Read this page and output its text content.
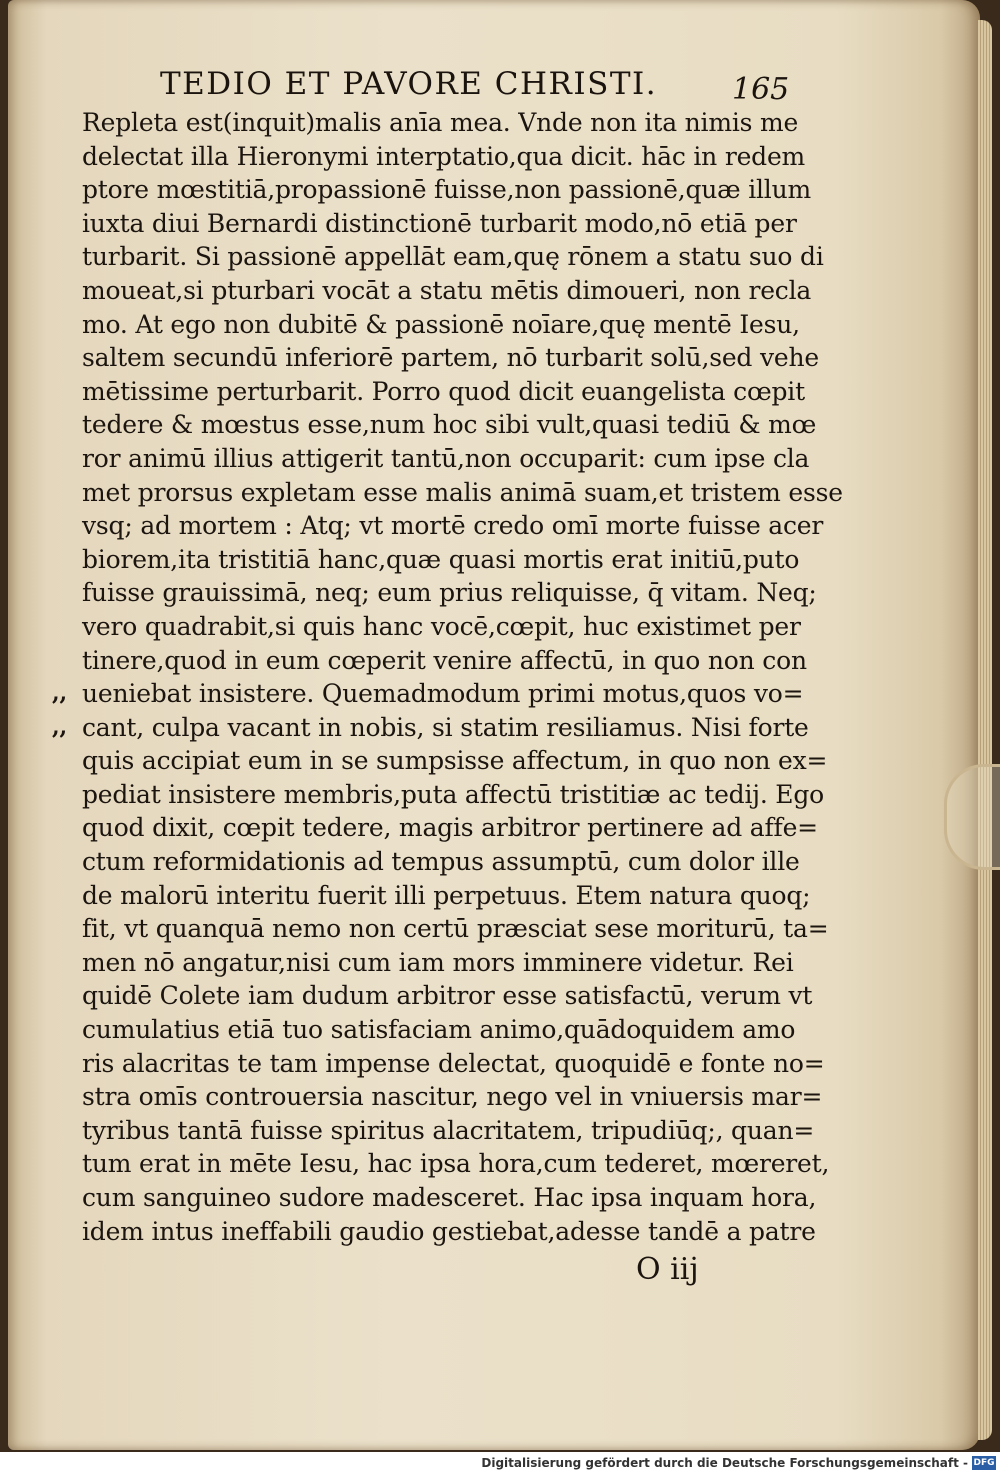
TEDIO ET PAVORE CHRISTI. 165
Repleta est(inquit)malis anīa mea. Vnde non ita nimis me
delectat illa Hieronymi interptatio,qua dicit. hāc in redem
ptore mœstitiā,propassionē fuisse,non passionē,quæ illum
iuxta diui Bernardi distinctionē turbarit modo,nō etiā per
turbarit. Si passionē appellāt eam,quę rōnem a statu suo di
moueat,si pturbari vocāt a statu mētis dimoueri, non recla
mo. At ego non dubitē & passionē noīare,quę mentē Iesu,
saltem secundū inferiorē partem, nō turbarit solū,sed vehe
mētissime perturbarit. Porro quod dicit euangelista cœpit
tedere & mœstus esse,num hoc sibi vult,quasi tediū & mœ
ror animū illius attigerit tantū,non occuparit: cum ipse cla
met prorsus expletam esse malis animā suam,et tristem esse
vsq; ad mortem : Atq; vt mortē credo omī morte fuisse acer
biorem,ita tristitiā hanc,quæ quasi mortis erat initiū,puto
fuisse grauissimā, neq; eum prius reliquisse, q̄ vitam. Neq;
vero quadrabit,si quis hanc vocē,cœpit, huc existimet per
tinere,quod in eum cœperit venire affectū, in quo non con
,, ueniebat insistere. Quemadmodum primi motus,quos vo=
,, cant, culpa vacant in nobis, si statim resiliamus. Nisi forte
quis accipiat eum in se sumpsisse affectum, in quo non ex=
pediat insistere membris,puta affectū tristitiæ ac tedij. Ego
quod dixit, cœpit tedere, magis arbitror pertinere ad affe=
ctum reformidationis ad tempus assumptū, cum dolor ille
de malorū interitu fuerit illi perpetuus. Etem natura quoq;
fit, vt quanquā nemo non certū præsciat sese moriturū, ta=
men nō angatur,nisi cum iam mors imminere videtur. Rei
quidē Colete iam dudum arbitror esse satisfactū, verum vt
cumulatius etiā tuo satisfaciam animo,quādoquidem amo
ris alacritas te tam impense delectat, quoquidē e fonte no=
stra omīs controuersia nascitur, nego vel in vniuersis mar=
tyribus tantā fuisse spiritus alacritatem, tripudiūq;, quan=
tum erat in mēte Iesu, hac ipsa hora,cum tederet, mœreret,
cum sanguineo sudore madesceret. Hac ipsa inquam hora,
idem intus ineffabili gaudio gestiebat,adesse tandē a patre
O iij
Digitalisierung gefördert durch die Deutsche Forschungsgemeinschaft - DFG
